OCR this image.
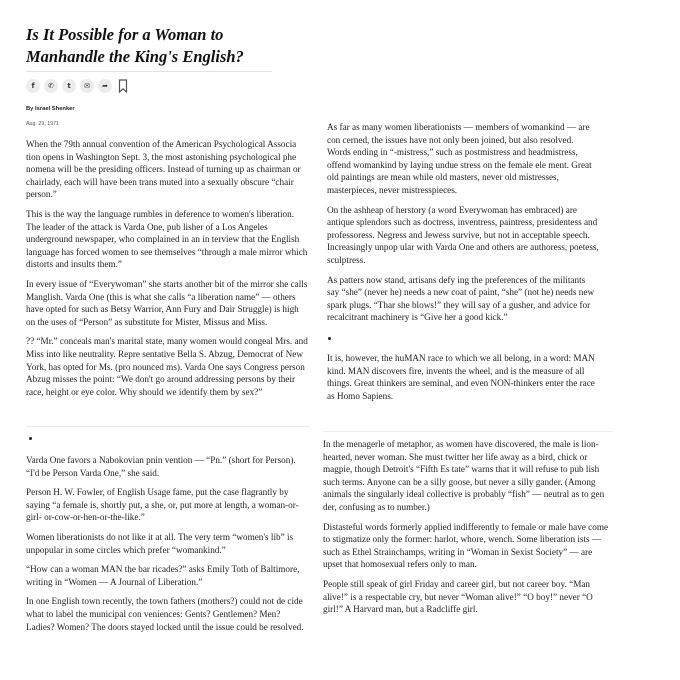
Is It Possible for a Woman to Manhandle the King's English?
f	✆	t	✉	➦
By Israel Shenker
Aug. 29, 1971

When the 79th annual convention of the American Psychological Associa tion opens in Washington Sept. 3, the most astonishing psychological phe nomena will be the presiding officers. Instead of turning up as chairman or chairlady, each will have been trans muted into a sexually obscure “chair person.”

This is the way the language rumbles in deference to women's liberation. The leader of the attack is Varda One, pub lisher of a Los Angeles underground newspaper, who complained in an in terview that the English language has forced women to see themselves “through a male mirror which distorts and insults them.”

In every issue of “Everywoman” she starts another bit of the mirror she calls Manglish. Varda One (this is what she calls “a liberation name” — others have opted for such as Betsy Warrior, Ann Fury and Dair Struggle) is high on the uses of “Person” as substitute for Mister, Missus and Miss.

?? “Mr.” conceals man's marital state, many women would congeal Mrs. and Miss into like neutrality. Repre sentative Bella S. Abzug, Democrat of New York, has opted for Ms. (pro nounced ms). Varda One says Congress person Abzug misses the point: “We don't go around addressing persons by their race, height or eye color. Why should we identify them by sex?”

Varda One favors a Nabokovian pnin vention — “Pn.” (short for Person). “I'd be Person Varda One,” she said.

Person H. W. Fowler, of English Usage fame, put the case flagrantly by saying “a female is, shortly put, a she, or, put more at length, a woman-or-girl- or-cow-or-hen-or-the-like.”

Women liberationists do not like it at all. The very term “women's lib” is unpopular in some circles which prefer “womankind.”

“How can a woman MAN the bar ricades?” asks Emily Toth of Baltimore, writing in “Women — A Journal of Liberation.”

In one English town recently, the town fathers (mothers?) could not de cide what to label the municipal con veniences: Gents? Gentlemen? Men? Ladies? Women? The doors stayed locked until the issue could be resolved.

As far as many women liberationists — members of womankind — are con cerned, the issues have not only been joined, but also resolved. Words ending in “-mistress,” such as postmistress and headmistress, offend womankind by laying undue stress on the female ele ment. Great old paintings are mean while old masters, never old mistresses, masterpieces, never mistresspieces.

On the ashheap of herstory (a word Everywoman has embraced) are antique splendors such as doctress, inventress, paintress, presidentess and professoress. Negress and Jewess survive, but not in acceptable speech. Increasingly unpop ular with Varda One and others are authoress, poetess, sculptress.

As patters now stand, artisans defy ing the preferences of the militants say “she” (never he) needs a new coat of paint, “she” (not he) needs new spark plugs. “Thar she blows!” they will say of a gusher, and advice for recalcitrant machinery is “Give her a good kick.”

It is, however, the huMAN race to which we all belong, in a word: MAN kind. MAN discovers fire, invents the wheel, and is the measure of all things. Great thinkers are seminal, and even NON-thinkers enter the race as Homo Sapiens.

In the menagerle of metaphor, as women have discovered, the male is lion-hearted, never woman. She must twitter her life away as a bird, chick or magpie, though Detroit's “Fifth Es tate” warns that it will refuse to pub lish such terms. Anyone can be a silly goose, but never a silly gander. (Among animals the singularly ideal collective is probably “fish” — neutral as to gen der, confusing as to number.)

Distasteful words formerly applied indifferently to female or male have come to stigmatize only the former: harlot, whore, wench. Some liberation ists — such as Ethel Strainchamps, writing in “Woman in Sexist Society” — are upset that homosexual refers only to man.

People still speak of girl Friday and career girl, but not career boy. “Man alive!” is a respectable cry, but never “Woman alive!” “O boy!” never “O girl!” A Harvard man, but a Radcliffe girl.
